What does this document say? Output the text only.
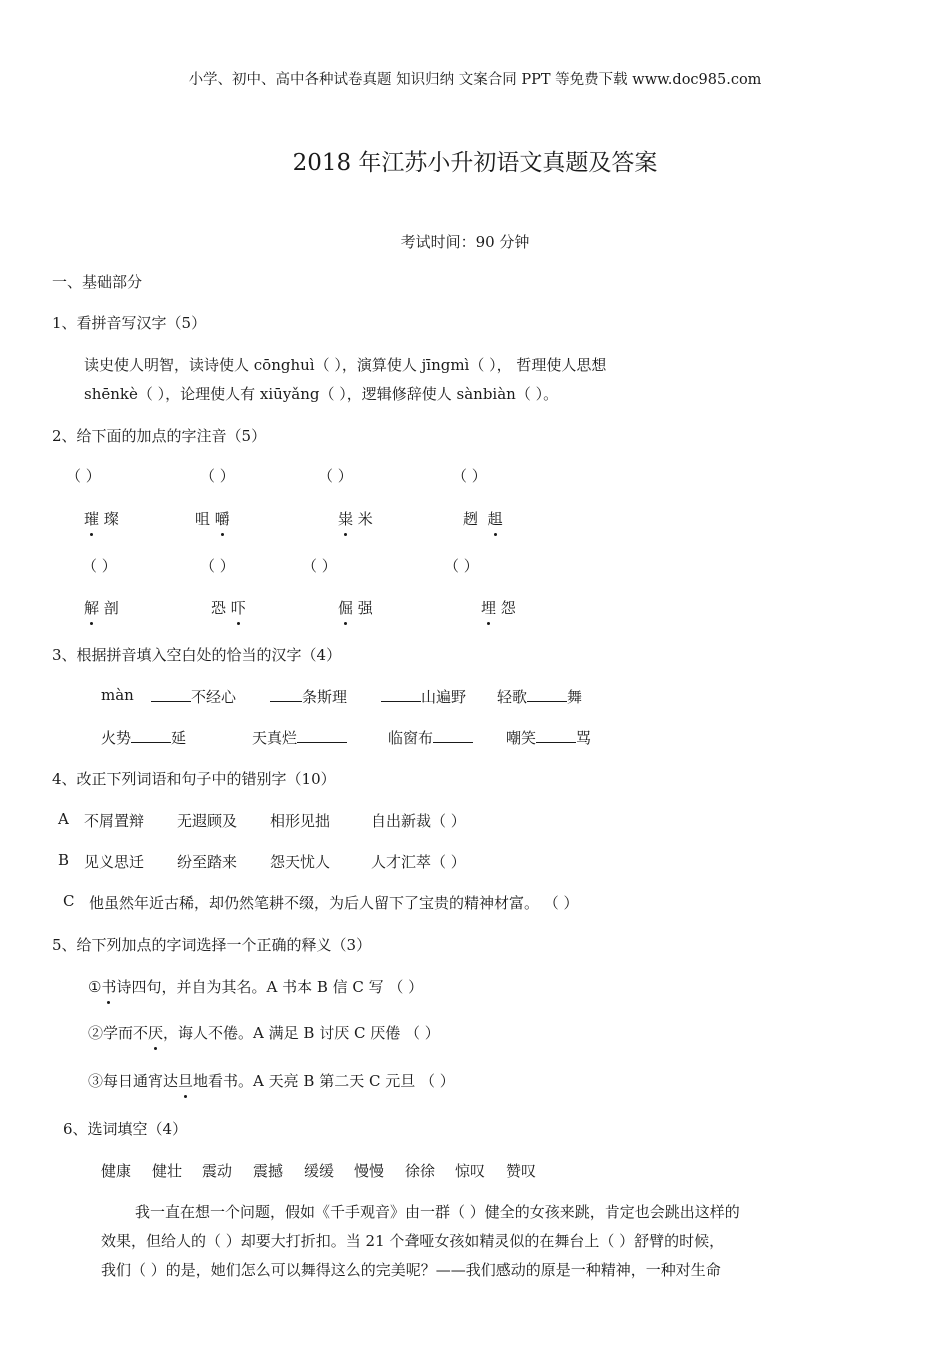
小学、初中、高中各种试卷真题 知识归纳 文案合同 PPT 等免费下载 www.doc985.com
2018 年江苏小升初语文真题及答案
考试时间：90 分钟
一、基础部分
1、看拼音写汉字（5）
读史使人明智，读诗使人 cōnghuì（ ），演算使人 jīngmì（ ）， 哲理使人思想
shēnkè（ ），论理使人有 xiūyǎng（ ），逻辑修辞使人 sànbiàn（ ）。
2、给下面的加点的字注音（5）
（ ）	（ ）	（ ）	（ ）
璀 璨	咀 嚼	粜 米	趔 趄
（ ）	（ ）	（ ）	（ ）
解 剖	恐 吓	倔 强	埋 怨
3、根据拼音填入空白处的恰当的汉字（4）
màn	不经心	条斯理	山遍野 轻歌	舞
火势	延	天真烂	临窗布	嘲笑	骂
4、改正下列词语和句子中的错别字（10）
A 不屑置辩 无遐顾及 相形见拙	自出新裁（ ）
B 见义思迁 纷至踏来 怨天忧人	人才汇萃（ ）
C 他虽然年近古稀，却仍然笔耕不缀，为后人留下了宝贵的精神材富。 （ ）
5、给下列加点的字词选择一个正确的释义（3）
①书诗四句，并自为其名。A 书本 B 信 C 写 （ ）
②学而不厌，诲人不倦。A 满足 B 讨厌 C 厌倦 （ ）
③每日通宵达旦地看书。A 天亮 B 第二天 C 元旦 （ ）
6、选词填空（4）
健康 健壮 震动 震撼 缓缓 慢慢 徐徐 惊叹 赞叹
我一直在想一个问题，假如《千手观音》由一群（ ）健全的女孩来跳，肯定也会跳出这样的
效果，但给人的（ ）却要大打折扣。当 21 个聋哑女孩如精灵似的在舞台上（ ）舒臂的时候，
我们（ ）的是，她们怎么可以舞得这么的完美呢？——我们感动的原是一种精神，一种对生命
